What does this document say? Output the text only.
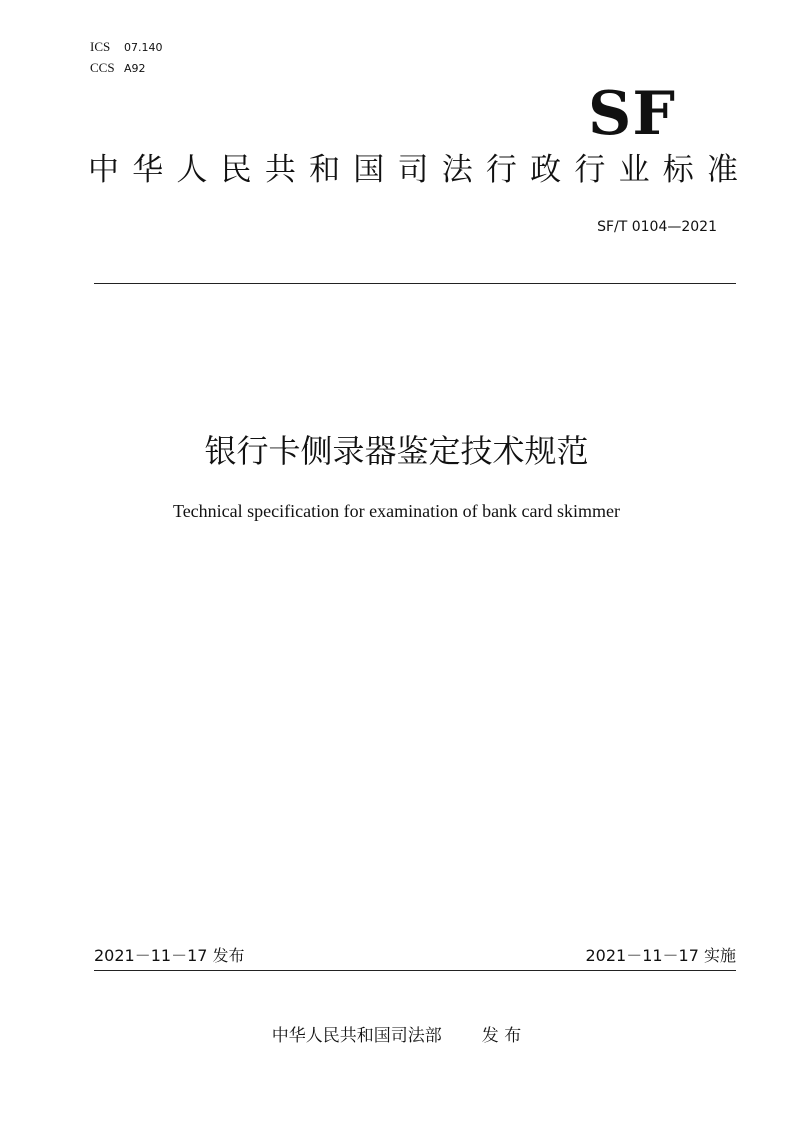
ICS 07.140
CCS A92
SF
中华人民共和国司法行政行业标准
SF/T 0104—2021
银行卡侧录器鉴定技术规范
Technical specification for examination of bank card skimmer
2021－11－17 发布	2021－11－17 实施
中华人民共和国司法部 发 布
